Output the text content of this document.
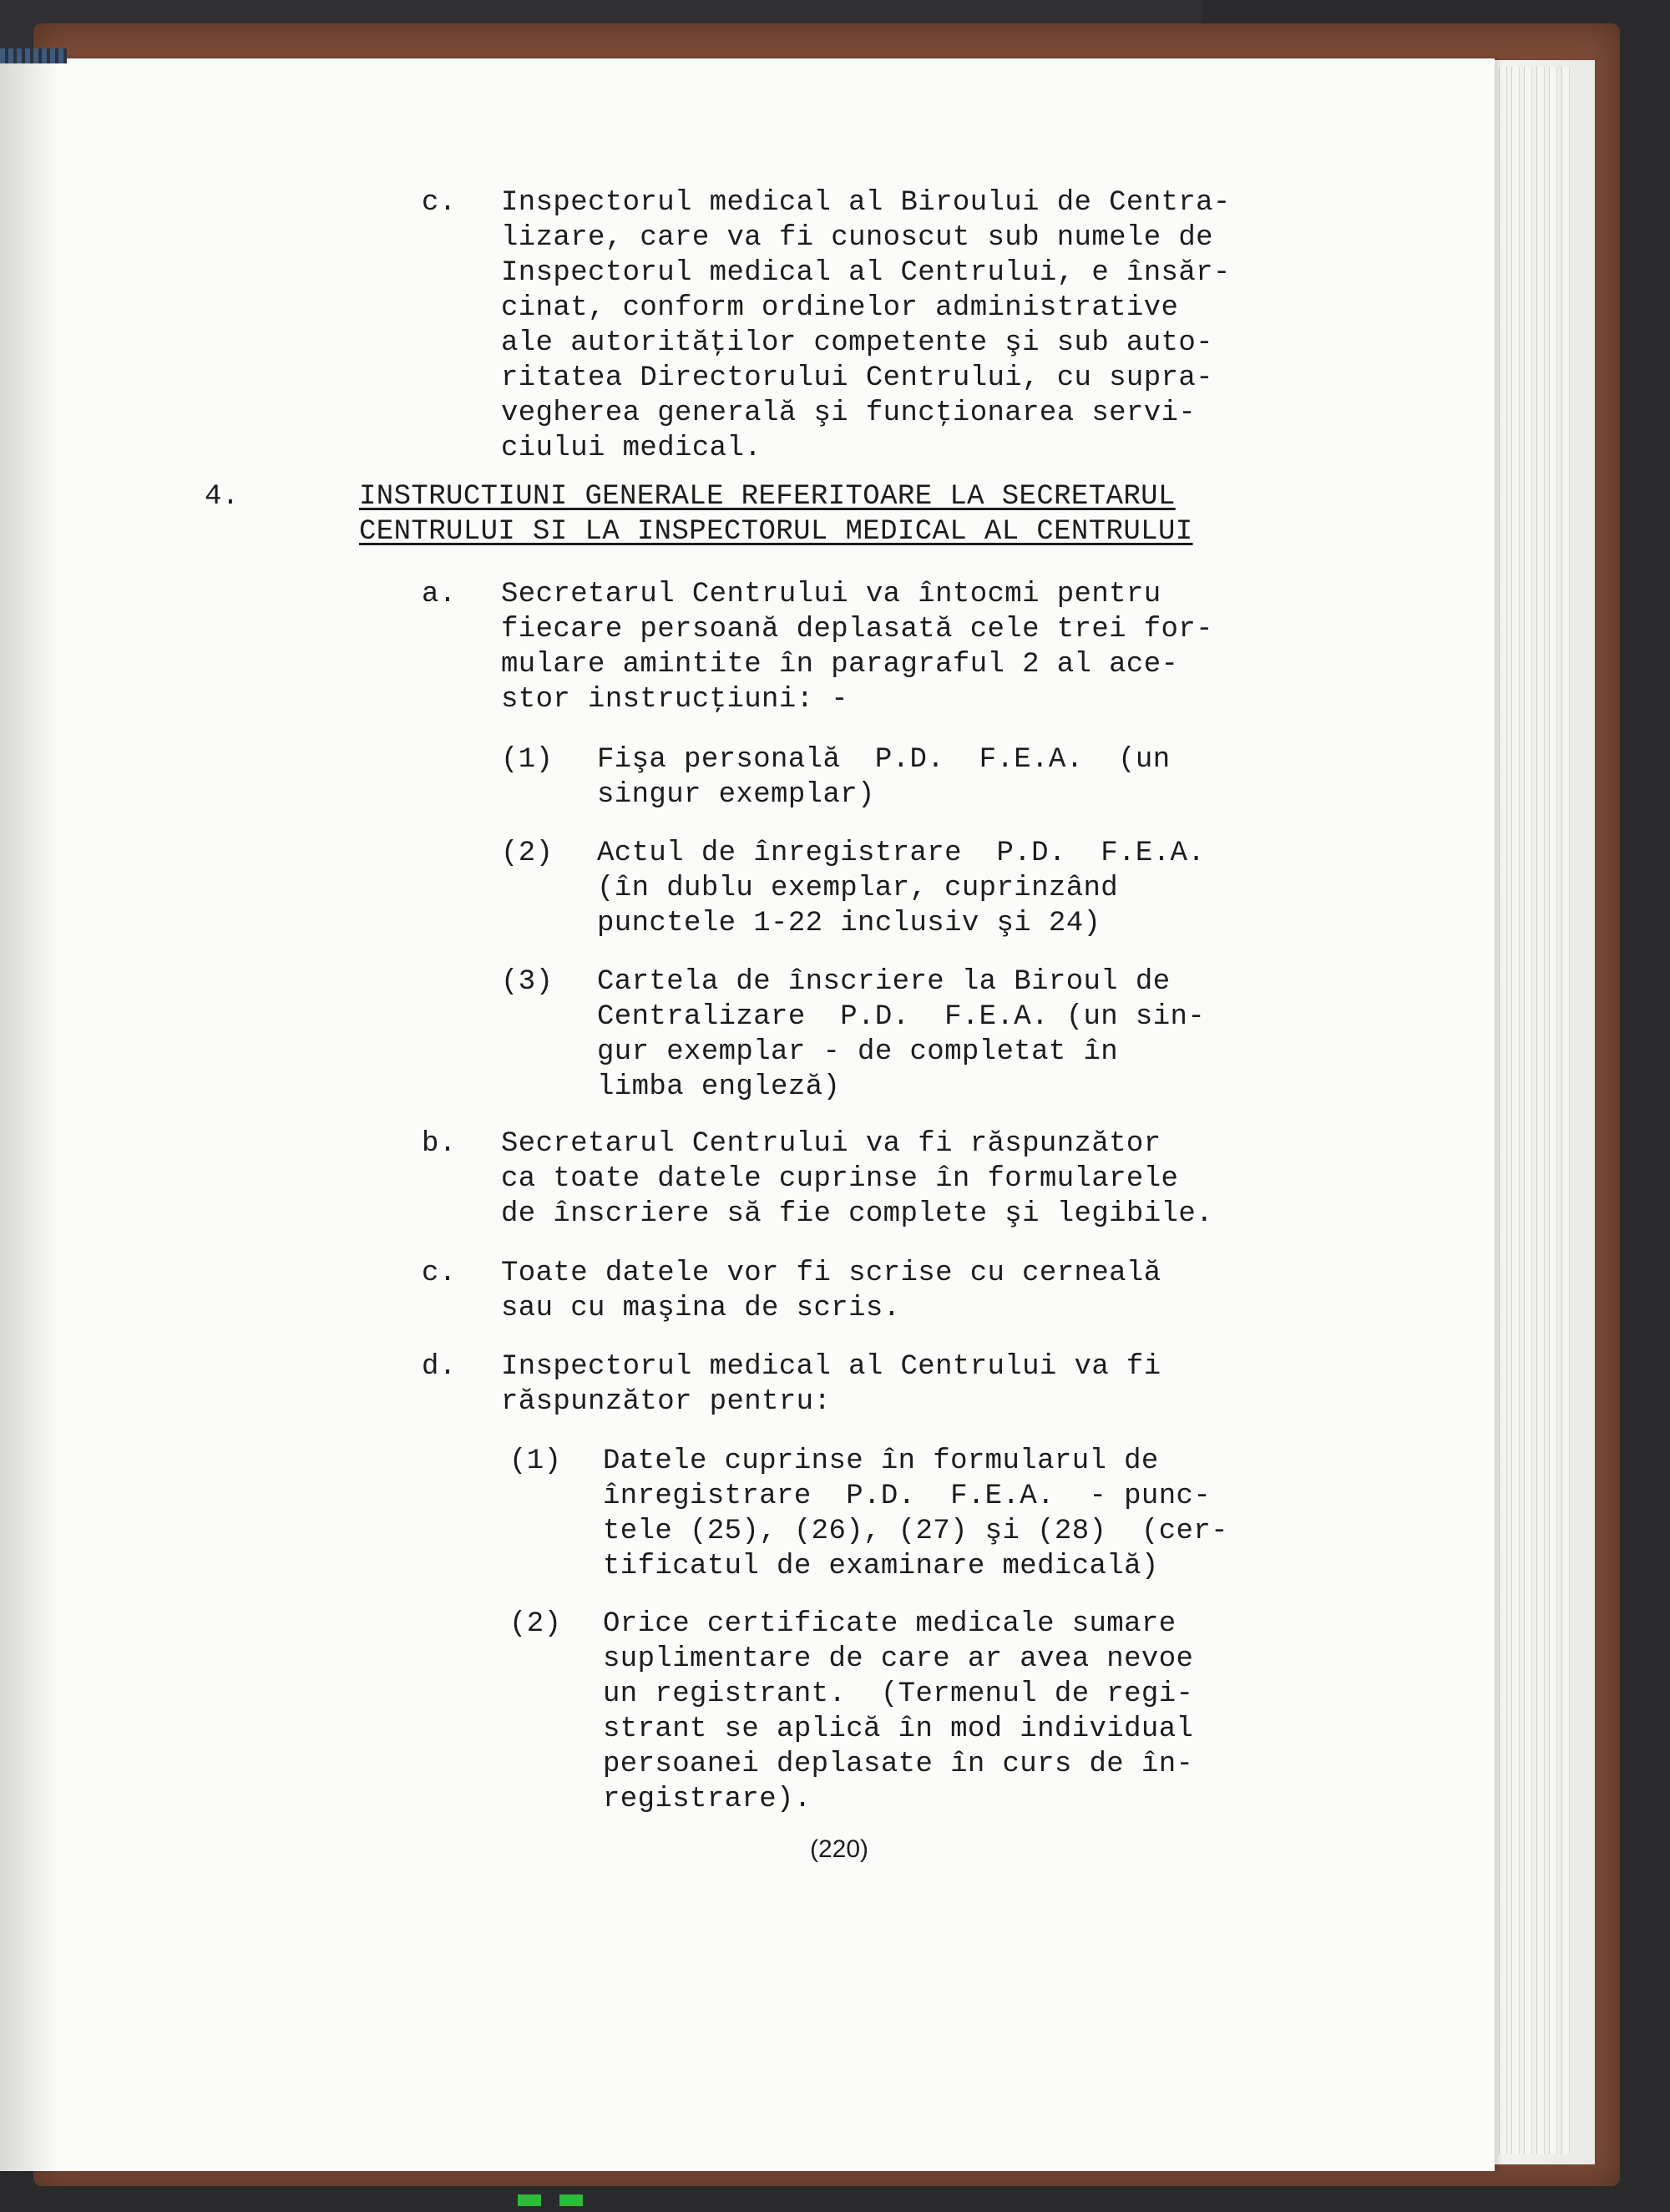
c. Inspectorul medical al Biroului de Centra-
lizare, care va fi cunoscut sub numele de
Inspectorul medical al Centrului, e însăr-
cinat, conform ordinelor administrative
ale autorităţilor competente şi sub auto-
ritatea Directorului Centrului, cu supra-
vegherea generală şi funcţionarea servi-
ciului medical.
4.	INSTRUCTIUNI GENERALE REFERITOARE LA SECRETARUL
CENTRULUI SI LA INSPECTORUL MEDICAL AL CENTRULUI
a. Secretarul Centrului va întocmi pentru
fiecare persoană deplasată cele trei for-
mulare amintite în paragraful 2 al ace-
stor instrucţiuni: -
(1) Fişa personală  P.D.  F.E.A.  (un
singur exemplar)
(2) Actul de înregistrare  P.D.  F.E.A.
(în dublu exemplar, cuprinzând
punctele 1-22 inclusiv şi 24)
(3) Cartela de înscriere la Biroul de
Centralizare  P.D.  F.E.A. (un sin-
gur exemplar - de completat în
limba engleză)
b. Secretarul Centrului va fi răspunzător
ca toate datele cuprinse în formularele
de înscriere să fie complete şi legibile.
c. Toate datele vor fi scrise cu cerneală
sau cu maşina de scris.
d. Inspectorul medical al Centrului va fi
răspunzător pentru:
(1) Datele cuprinse în formularul de
înregistrare  P.D.  F.E.A.  - punc-
tele (25), (26), (27) şi (28)  (cer-
tificatul de examinare medicală)
(2) Orice certificate medicale sumare
suplimentare de care ar avea nevoe
un registrant.  (Termenul de regi-
strant se aplică în mod individual
persoanei deplasate în curs de în-
registrare).
(220)
